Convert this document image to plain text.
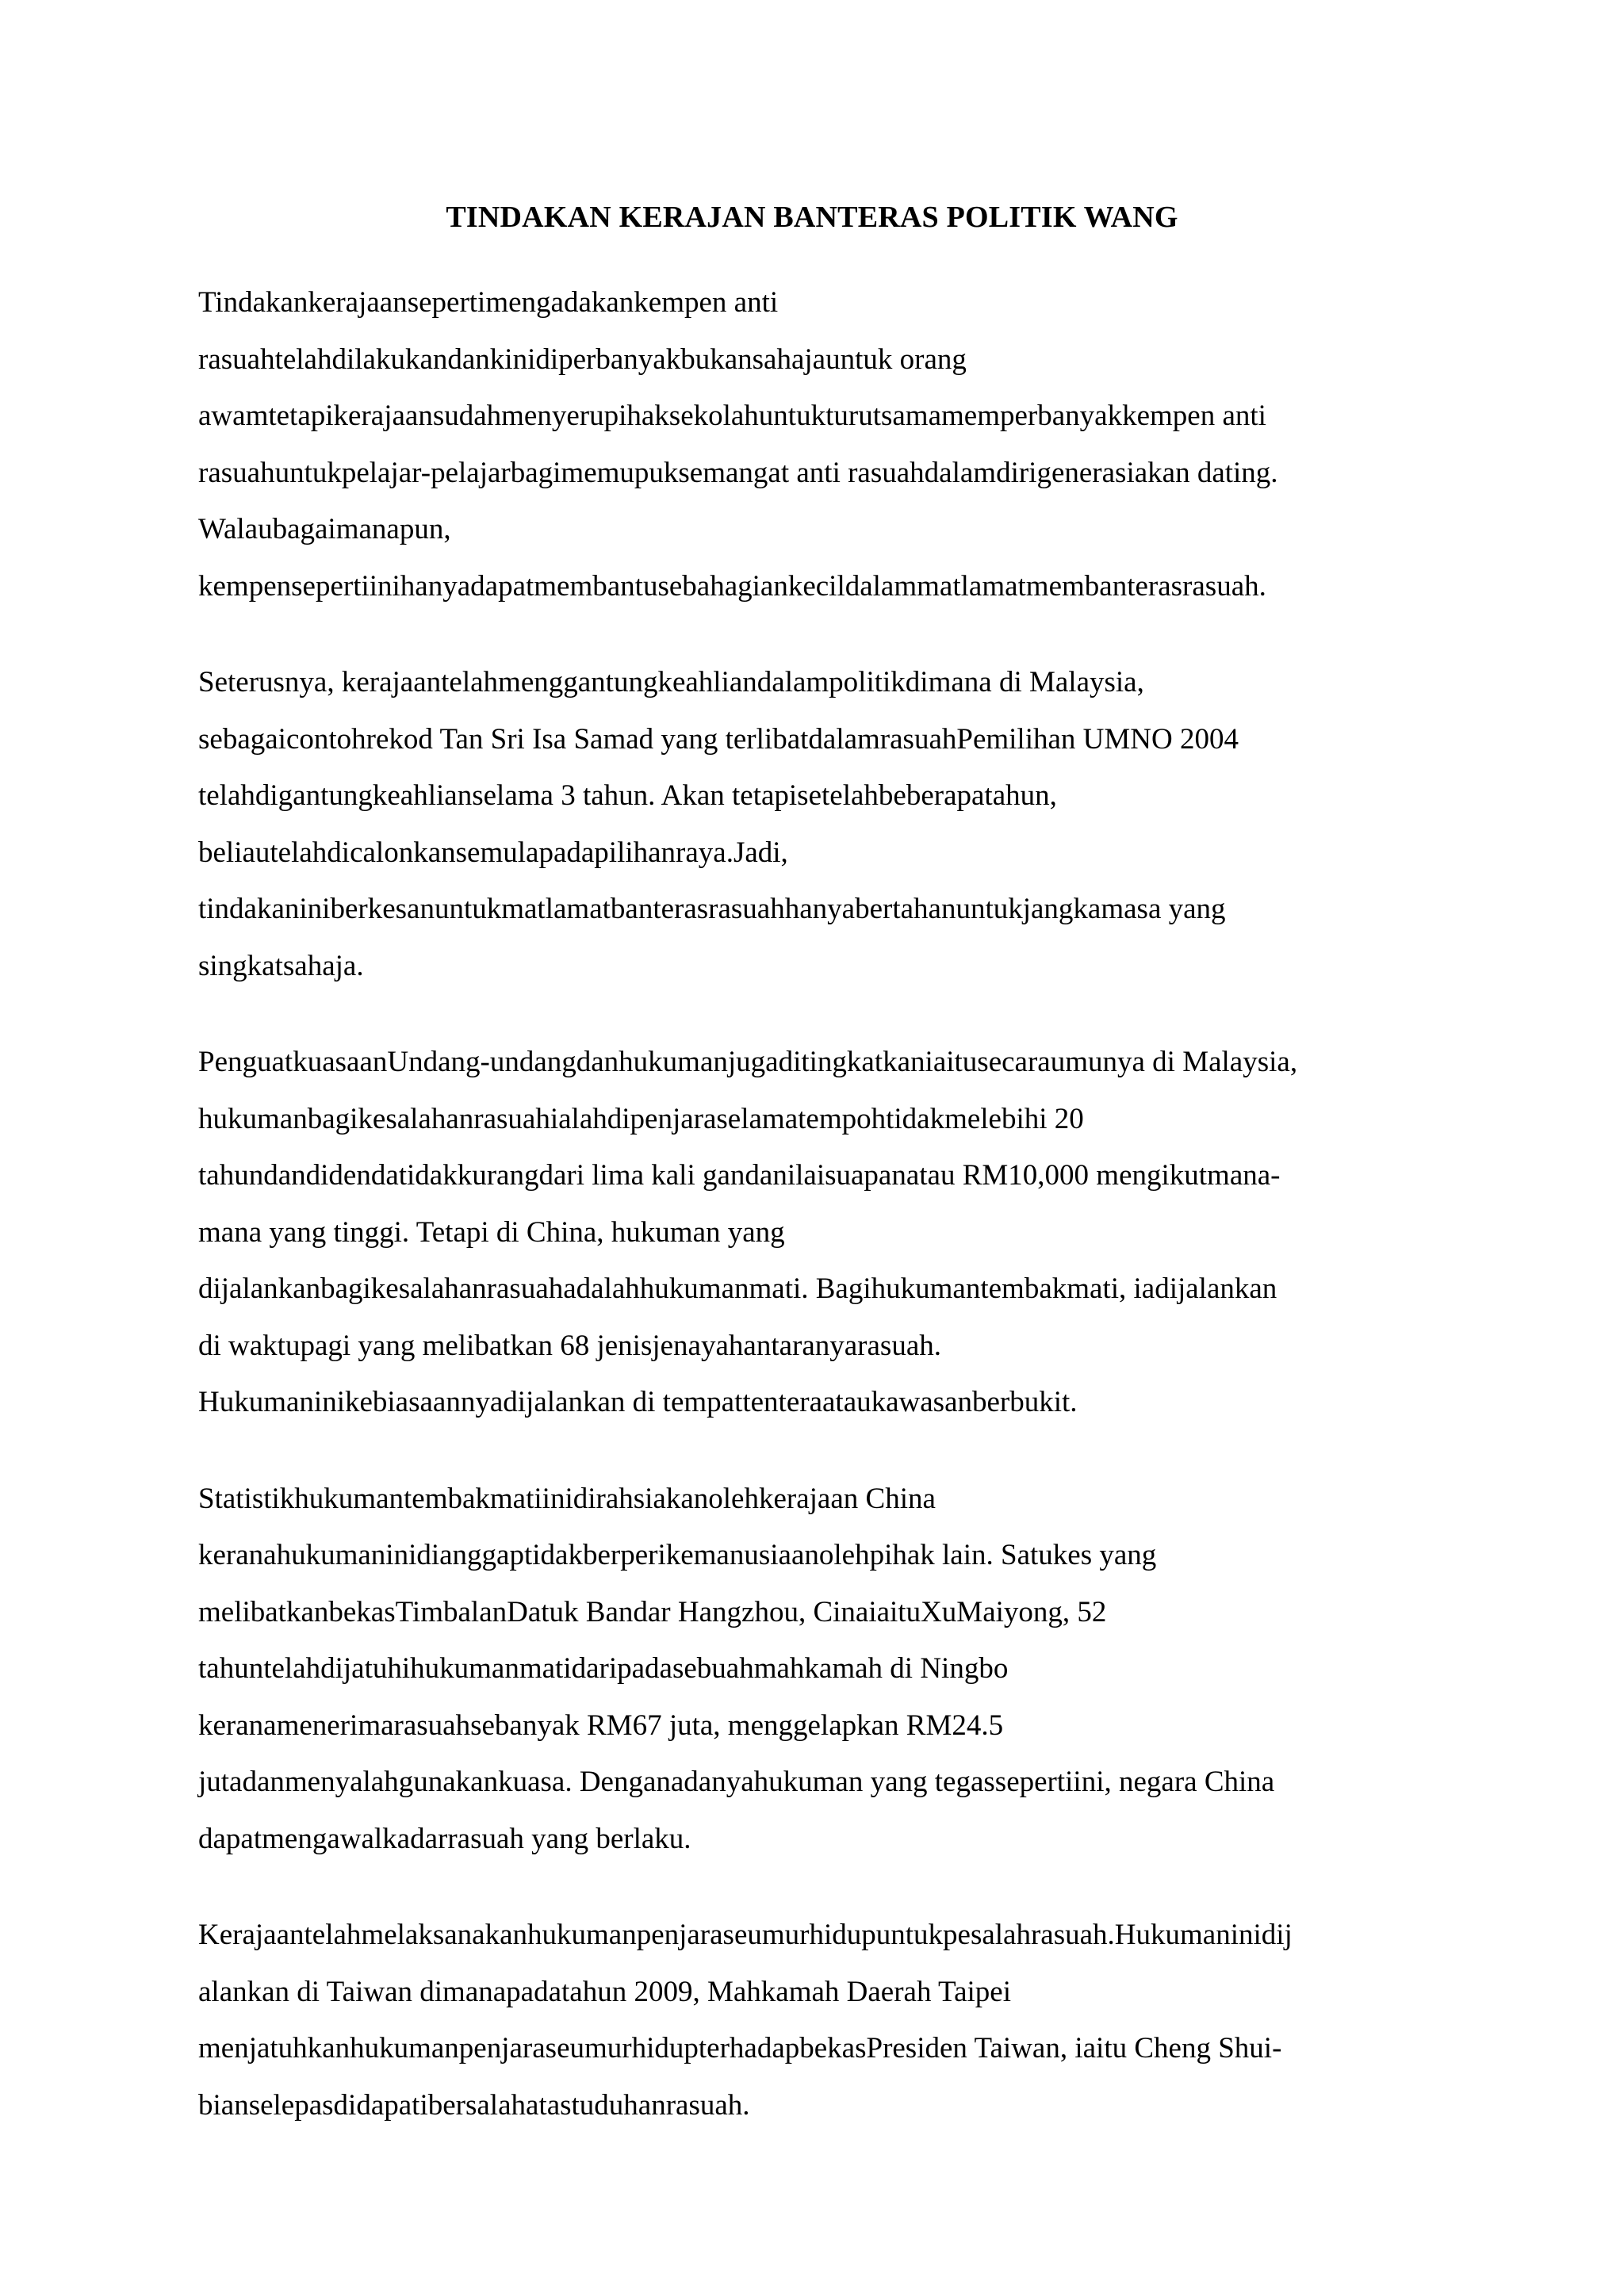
TINDAKAN KERAJAN BANTERAS POLITIK WANG
Tindakankerajaansepertimengadakankempen anti
rasuahtelahdilakukandankinidiperbanyakbukansahajauntuk orang
awamtetapikerajaansudahmenyerupihaksekolahuntukturutsamamemperbanyakkempen anti
rasuahuntukpelajar-pelajarbagimemupuksemangat anti rasuahdalamdirigenerasiakan dating.
Walaubagaimanapun,
kempensepertiinihanyadapatmembantusebahagiankecildalammatlamatmembanterasrasuah.
Seterusnya, kerajaantelahmenggantungkeahliandalampolitikdimana di Malaysia,
sebagaicontohrekod Tan Sri Isa Samad yang terlibatdalamrasuahPemilihan UMNO 2004
telahdigantungkeahlianselama 3 tahun. Akan tetapisetelahbeberapatahun,
beliautelahdicalonkansemulapadapilihanraya.Jadi,
tindakaniniberkesanuntukmatlamatbanterasrasuahhanyabertahanuntukjangkamasa yang
singkatsahaja.
PenguatkuasaanUndang-undangdanhukumanjugaditingkatkaniaitusecaraumunya di Malaysia,
hukumanbagikesalahanrasuahialahdipenjaraselamatempohtidakmelebihi 20
tahundandidendatidakkurangdari lima kali gandanilaisuapanatau RM10,000 mengikutmana-
mana yang tinggi. Tetapi di China, hukuman yang
dijalankanbagikesalahanrasuahadalahhukumanmati. Bagihukumantembakmati, iadijalankan
di waktupagi yang melibatkan 68 jenisjenayahantaranyarasuah.
Hukumaninikebiasaannyadijalankan di tempattenteraataukawasanberbukit.
Statistikhukumantembakmatiinidirahsiakanolehkerajaan China
keranahukumaninidianggaptidakberperikemanusiaanolehpihak lain. Satukes yang
melibatkanbekasTimbalanDatuk Bandar Hangzhou, CinaiaituXuMaiyong, 52
tahuntelahdijatuhihukumanmatidaripadasebuahmahkamah di Ningbo
keranamenerimarasuahsebanyak RM67 juta, menggelapkan RM24.5
jutadanmenyalahgunakankuasa. Denganadanyahukuman yang tegassepertiini, negara China
dapatmengawalkadarrasuah yang berlaku.
Kerajaantelahmelaksanakanhukumanpenjaraseumurhidupuntukpesalahrasuah.Hukumaninidij
alankan di Taiwan dimanapadatahun 2009, Mahkamah Daerah Taipei
menjatuhkanhukumanpenjaraseumurhidupterhadapbekasPresiden Taiwan, iaitu Cheng Shui-
bianselepasdidapatibersalahatastuduhanrasuah.
